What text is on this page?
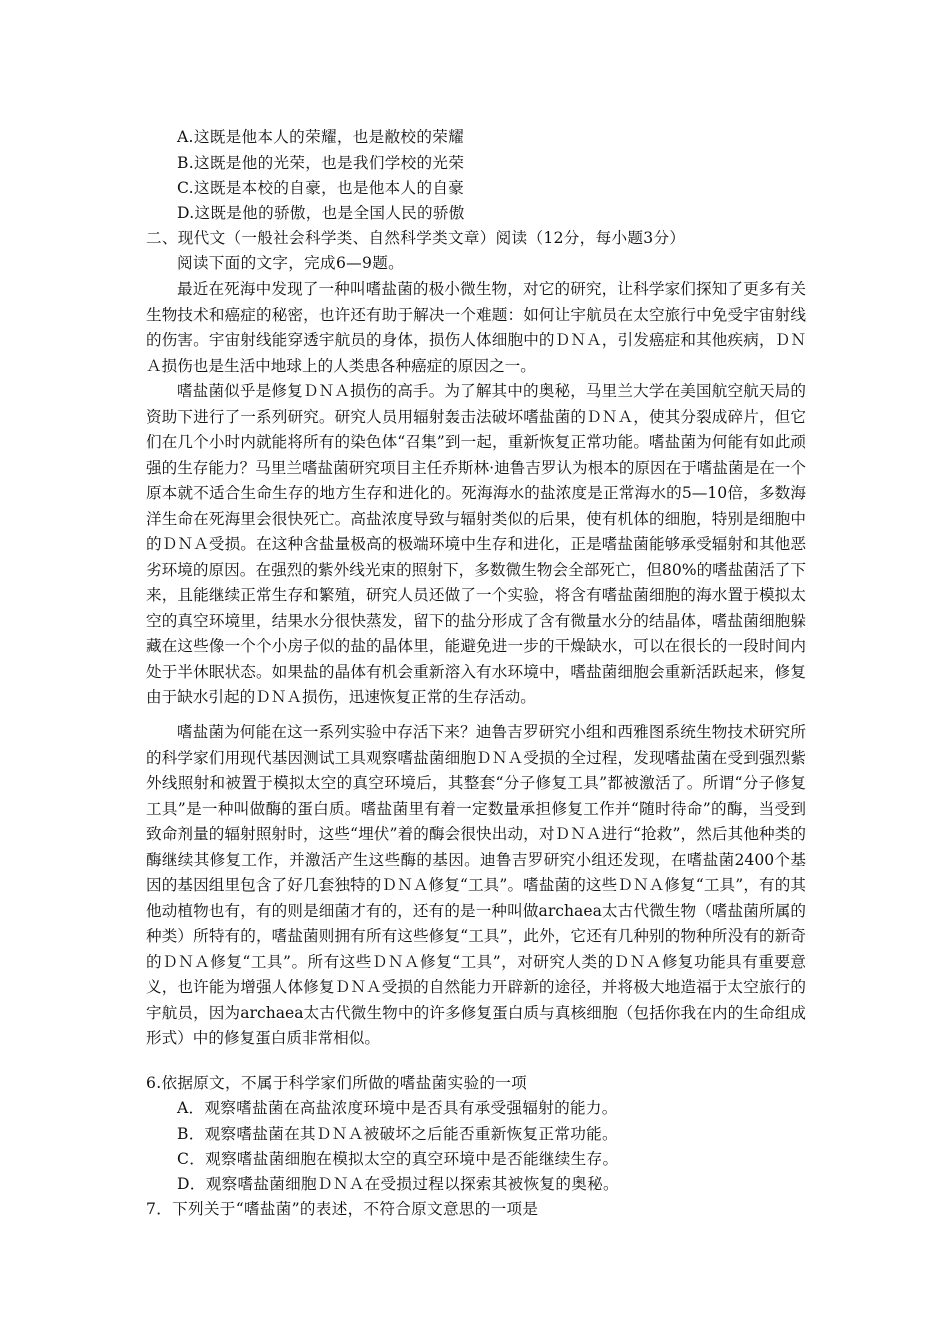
A.这既是他本人的荣耀，也是敝校的荣耀
B.这既是他的光荣，也是我们学校的光荣
C.这既是本校的自豪，也是他本人的自豪
D.这既是他的骄傲，也是全国人民的骄傲
二、现代文（一般社会科学类、自然科学类文章）阅读（12分，每小题3分）
阅读下面的文字，完成6—9题。
最近在死海中发现了一种叫嗜盐菌的极小微生物，对它的研究，让科学家们探知了更多有关生物技术和癌症的秘密，也许还有助于解决一个难题：如何让宇航员在太空旅行中免受宇宙射线的伤害。宇宙射线能穿透宇航员的身体，损伤人体细胞中的ＤＮＡ，引发癌症和其他疾病，ＤＮＡ损伤也是生活中地球上的人类患各种癌症的原因之一。
嗜盐菌似乎是修复ＤＮＡ损伤的高手。为了解其中的奥秘，马里兰大学在美国航空航天局的资助下进行了一系列研究。研究人员用辐射轰击法破坏嗜盐菌的ＤＮＡ，使其分裂成碎片，但它们在几个小时内就能将所有的染色体“召集”到一起，重新恢复正常功能。嗜盐菌为何能有如此顽强的生存能力？马里兰嗜盐菌研究项目主任乔斯林·迪鲁吉罗认为根本的原因在于嗜盐菌是在一个原本就不适合生命生存的地方生存和进化的。死海海水的盐浓度是正常海水的5—10倍，多数海洋生命在死海里会很快死亡。高盐浓度导致与辐射类似的后果，使有机体的细胞，特别是细胞中的ＤＮＡ受损。在这种含盐量极高的极端环境中生存和进化，正是嗜盐菌能够承受辐射和其他恶劣环境的原因。在强烈的紫外线光束的照射下，多数微生物会全部死亡，但80%的嗜盐菌活了下来，且能继续正常生存和繁殖，研究人员还做了一个实验，将含有嗜盐菌细胞的海水置于模拟太空的真空环境里，结果水分很快蒸发，留下的盐分形成了含有微量水分的结晶体，嗜盐菌细胞躲藏在这些像一个个小房子似的盐的晶体里，能避免进一步的干燥缺水，可以在很长的一段时间内处于半休眠状态。如果盐的晶体有机会重新溶入有水环境中，嗜盐菌细胞会重新活跃起来，修复由于缺水引起的ＤＮＡ损伤，迅速恢复正常的生存活动。
嗜盐菌为何能在这一系列实验中存活下来？迪鲁吉罗研究小组和西雅图系统生物技术研究所的科学家们用现代基因测试工具观察嗜盐菌细胞ＤＮＡ受损的全过程，发现嗜盐菌在受到强烈紫外线照射和被置于模拟太空的真空环境后，其整套“分子修复工具”都被激活了。所谓“分子修复工具”是一种叫做酶的蛋白质。嗜盐菌里有着一定数量承担修复工作并“随时待命”的酶，当受到致命剂量的辐射照射时，这些“埋伏”着的酶会很快出动，对ＤＮＡ进行“抢救”，然后其他种类的酶继续其修复工作，并激活产生这些酶的基因。迪鲁吉罗研究小组还发现，在嗜盐菌2400个基因的基因组里包含了好几套独特的ＤＮＡ修复“工具”。嗜盐菌的这些ＤＮＡ修复“工具”，有的其他动植物也有，有的则是细菌才有的，还有的是一种叫做archaea太古代微生物（嗜盐菌所属的种类）所特有的，嗜盐菌则拥有所有这些修复“工具”，此外，它还有几种别的物种所没有的新奇的ＤＮＡ修复“工具”。所有这些ＤＮＡ修复“工具”，对研究人类的ＤＮＡ修复功能具有重要意义，也许能为增强人体修复ＤＮＡ受损的自然能力开辟新的途径，并将极大地造福于太空旅行的宇航员，因为archaea太古代微生物中的许多修复蛋白质与真核细胞（包括你我在内的生命组成形式）中的修复蛋白质非常相似。
6.依据原文，不属于科学家们所做的嗜盐菌实验的一项
A．观察嗜盐菌在高盐浓度环境中是否具有承受强辐射的能力。
B．观察嗜盐菌在其ＤＮＡ被破坏之后能否重新恢复正常功能。
C．观察嗜盐菌细胞在模拟太空的真空环境中是否能继续生存。
D．观察嗜盐菌细胞ＤＮＡ在受损过程以探索其被恢复的奥秘。
7．下列关于“嗜盐菌”的表述，不符合原文意思的一项是
